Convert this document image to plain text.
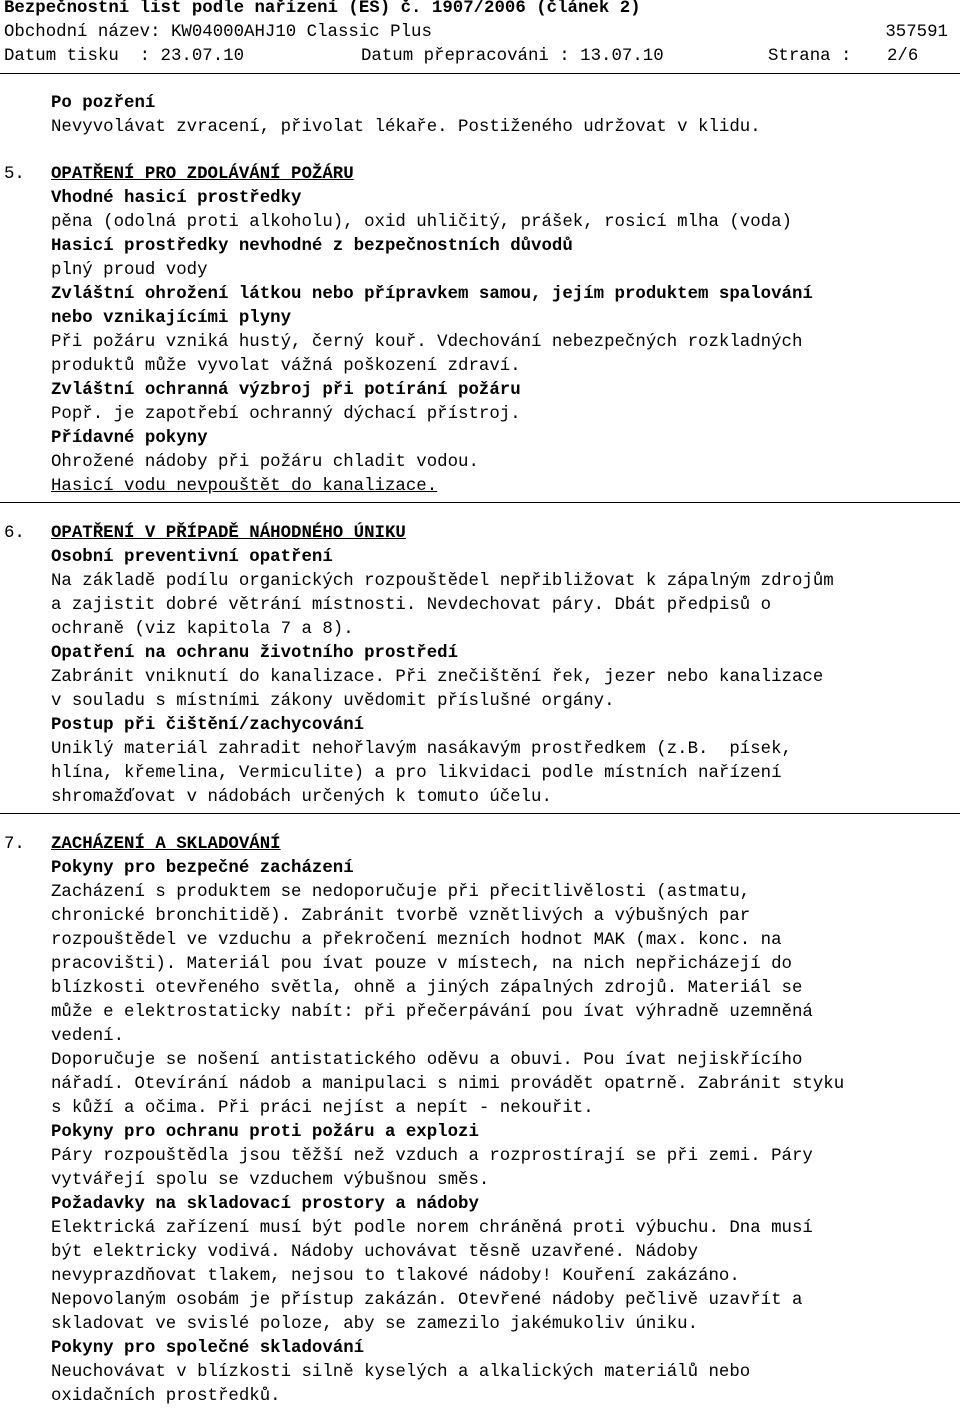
Bezpečnostní list podle nařízení (ES) č. 1907/2006 (článek 2)
Obchodní název: KW04000AHJ10 Classic Plus	357591
Datum tisku  : 23.07.10	Datum přepracováni : 13.07.10	Strana : 2/6
Po pozření
Nevyvolávat zvracení, přivolat lékaře. Postiženého udržovat v klidu.
5. OPATŘENÍ PRO ZDOLÁVÁNÍ POŽÁRU
Vhodné hasicí prostředky
pěna (odolná proti alkoholu), oxid uhličitý, prášek, rosicí mlha (voda)
Hasicí prostředky nevhodné z bezpečnostních důvodů
plný proud vody
Zvláštní ohrožení látkou nebo přípravkem samou, jejím produktem spalování
nebo vznikajícími plyny
Při požáru vzniká hustý, černý kouř. Vdechování nebezpečných rozkladných
produktů může vyvolat vážná poškození zdraví.
Zvláštní ochranná výzbroj při potírání požáru
Popř. je zapotřebí ochranný dýchací přístroj.
Přídavné pokyny
Ohrožené nádoby při požáru chladit vodou.
Hasicí vodu nevpouštět do kanalizace.
6. OPATŘENÍ V PŘÍPADĚ NÁHODNÉHO ÚNIKU
Osobní preventivní opatření
Na základě podílu organických rozpouštědel nepřibližovat k zápalným zdrojům
a zajistit dobré větrání místnosti. Nevdechovat páry. Dbát předpisů o
ochraně (viz kapitola 7 a 8).
Opatření na ochranu životního prostředí
Zabránit vniknutí do kanalizace. Při znečištění řek, jezer nebo kanalizace
v souladu s místními zákony uvědomit příslušné orgány.
Postup při čištění/zachycování
Uniklý materiál zahradit nehořlavým nasákavým prostředkem (z.B.  písek,
hlína, křemelina, Vermiculite) a pro likvidaci podle místních nařízení
shromažďovat v nádobách určených k tomuto účelu.
7. ZACHÁZENÍ A SKLADOVÁNÍ
Pokyny pro bezpečné zacházení
Zacházení s produktem se nedoporučuje při přecitlivělosti (astmatu,
chronické bronchitidě). Zabránit tvorbě vznětlivých a výbušných par
rozpouštědel ve vzduchu a překročení mezních hodnot MAK (max. konc. na
pracovišti). Materiál pou ívat pouze v místech, na nich nepřicházejí do
blízkosti otevřeného světla, ohně a jiných zápalných zdrojů. Materiál se
může e elektrostaticky nabít: při přečerpávání pou ívat výhradně uzemněná
vedení.
Doporučuje se nošení antistatického oděvu a obuvi. Pou ívat nejiskřícího
nářadí. Otevírání nádob a manipulaci s nimi provádět opatrně. Zabránit styku
s kůží a očima. Při práci nejíst a nepít - nekouřit.
Pokyny pro ochranu proti požáru a explozi
Páry rozpouštědla jsou těžší než vzduch a rozprostírají se při zemi. Páry
vytvářejí spolu se vzduchem výbušnou směs.
Požadavky na skladovací prostory a nádoby
Elektrická zařízení musí být podle norem chráněná proti výbuchu. Dna musí
být elektricky vodivá. Nádoby uchovávat těsně uzavřené. Nádoby
nevyprazdňovat tlakem, nejsou to tlakové nádoby! Kouření zakázáno.
Nepovolaným osobám je přístup zakázán. Otevřené nádoby pečlivě uzavřít a
skladovat ve svislé poloze, aby se zamezilo jakémukoliv úniku.
Pokyny pro společné skladování
Neuchovávat v blízkosti silně kyselých a alkalických materiálů nebo
oxidačních prostředků.
